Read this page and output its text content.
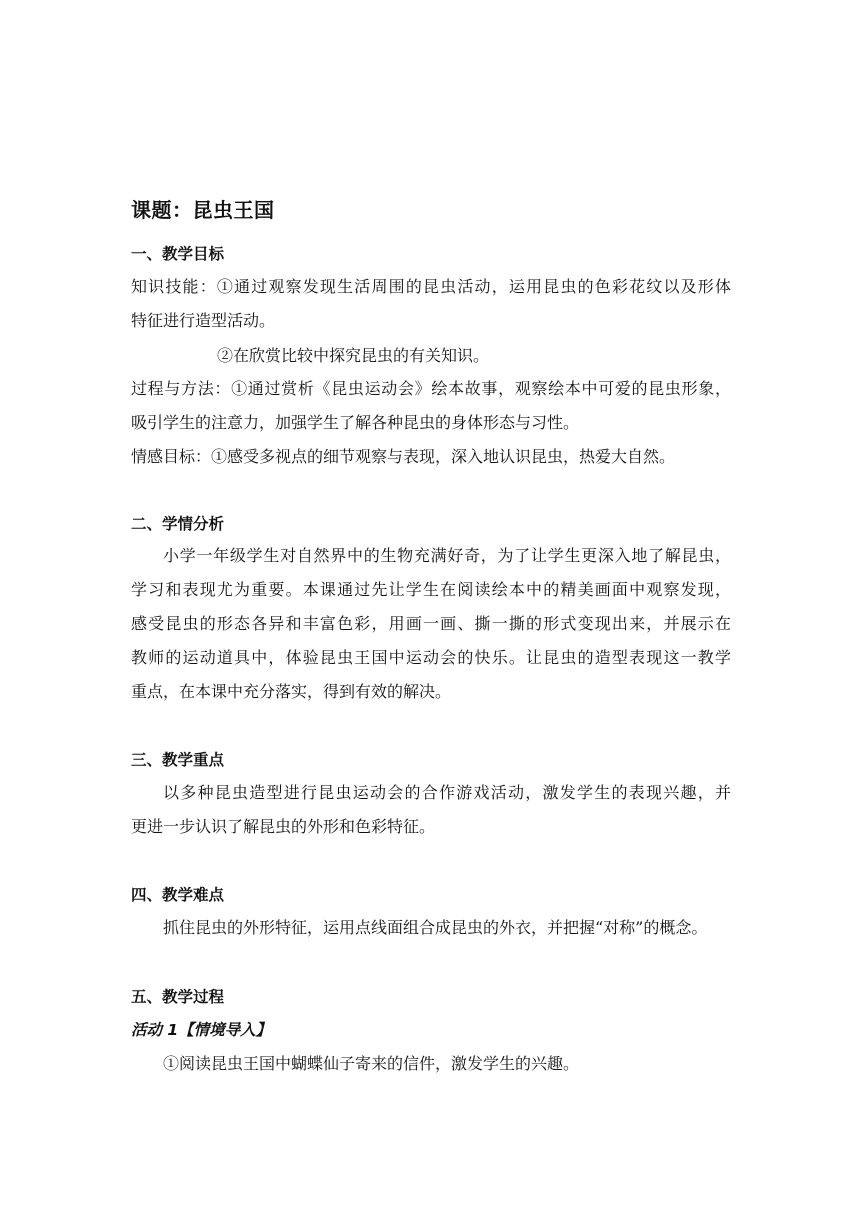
课题：昆虫王国
一、教学目标
知识技能：①通过观察发现生活周围的昆虫活动，运用昆虫的色彩花纹以及形体
特征进行造型活动。
②在欣赏比较中探究昆虫的有关知识。
过程与方法：①通过赏析《昆虫运动会》绘本故事，观察绘本中可爱的昆虫形象，
吸引学生的注意力，加强学生了解各种昆虫的身体形态与习性。
情感目标：①感受多视点的细节观察与表现，深入地认识昆虫，热爱大自然。
二、学情分析
小学一年级学生对自然界中的生物充满好奇，为了让学生更深入地了解昆虫，
学习和表现尤为重要。本课通过先让学生在阅读绘本中的精美画面中观察发现，
感受昆虫的形态各异和丰富色彩，用画一画、撕一撕的形式变现出来，并展示在
教师的运动道具中，体验昆虫王国中运动会的快乐。让昆虫的造型表现这一教学
重点，在本课中充分落实，得到有效的解决。
三、教学重点
以多种昆虫造型进行昆虫运动会的合作游戏活动，激发学生的表现兴趣，并
更进一步认识了解昆虫的外形和色彩特征。
四、教学难点
抓住昆虫的外形特征，运用点线面组合成昆虫的外衣，并把握“对称”的概念。
五、教学过程
活动 1【情境导入】
①阅读昆虫王国中蝴蝶仙子寄来的信件，激发学生的兴趣。
